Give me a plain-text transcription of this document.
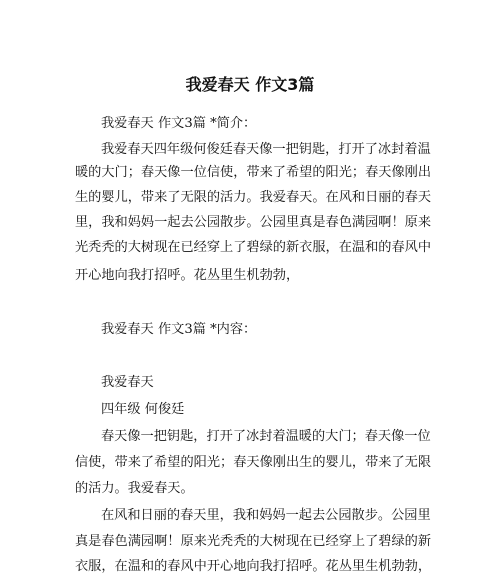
我爱春天 作文3篇
我爱春天 作文3篇 *简介：
我爱春天四年级何俊廷春天像一把钥匙，打开了冰封着温
暖的大门；春天像一位信使，带来了希望的阳光；春天像刚出
生的婴儿，带来了无限的活力。我爱春天。在风和日丽的春天
里，我和妈妈一起去公园散步。公园里真是春色满园啊！原来
光秃秃的大树现在已经穿上了碧绿的新衣服，在温和的春风中
开心地向我打招呼。花丛里生机勃勃，
我爱春天 作文3篇 *内容：
我爱春天
四年级 何俊廷
春天像一把钥匙，打开了冰封着温暖的大门；春天像一位
信使，带来了希望的阳光；春天像刚出生的婴儿，带来了无限
的活力。我爱春天。
在风和日丽的春天里，我和妈妈一起去公园散步。公园里
真是春色满园啊！原来光秃秃的大树现在已经穿上了碧绿的新
衣服，在温和的春风中开心地向我打招呼。花丛里生机勃勃，
